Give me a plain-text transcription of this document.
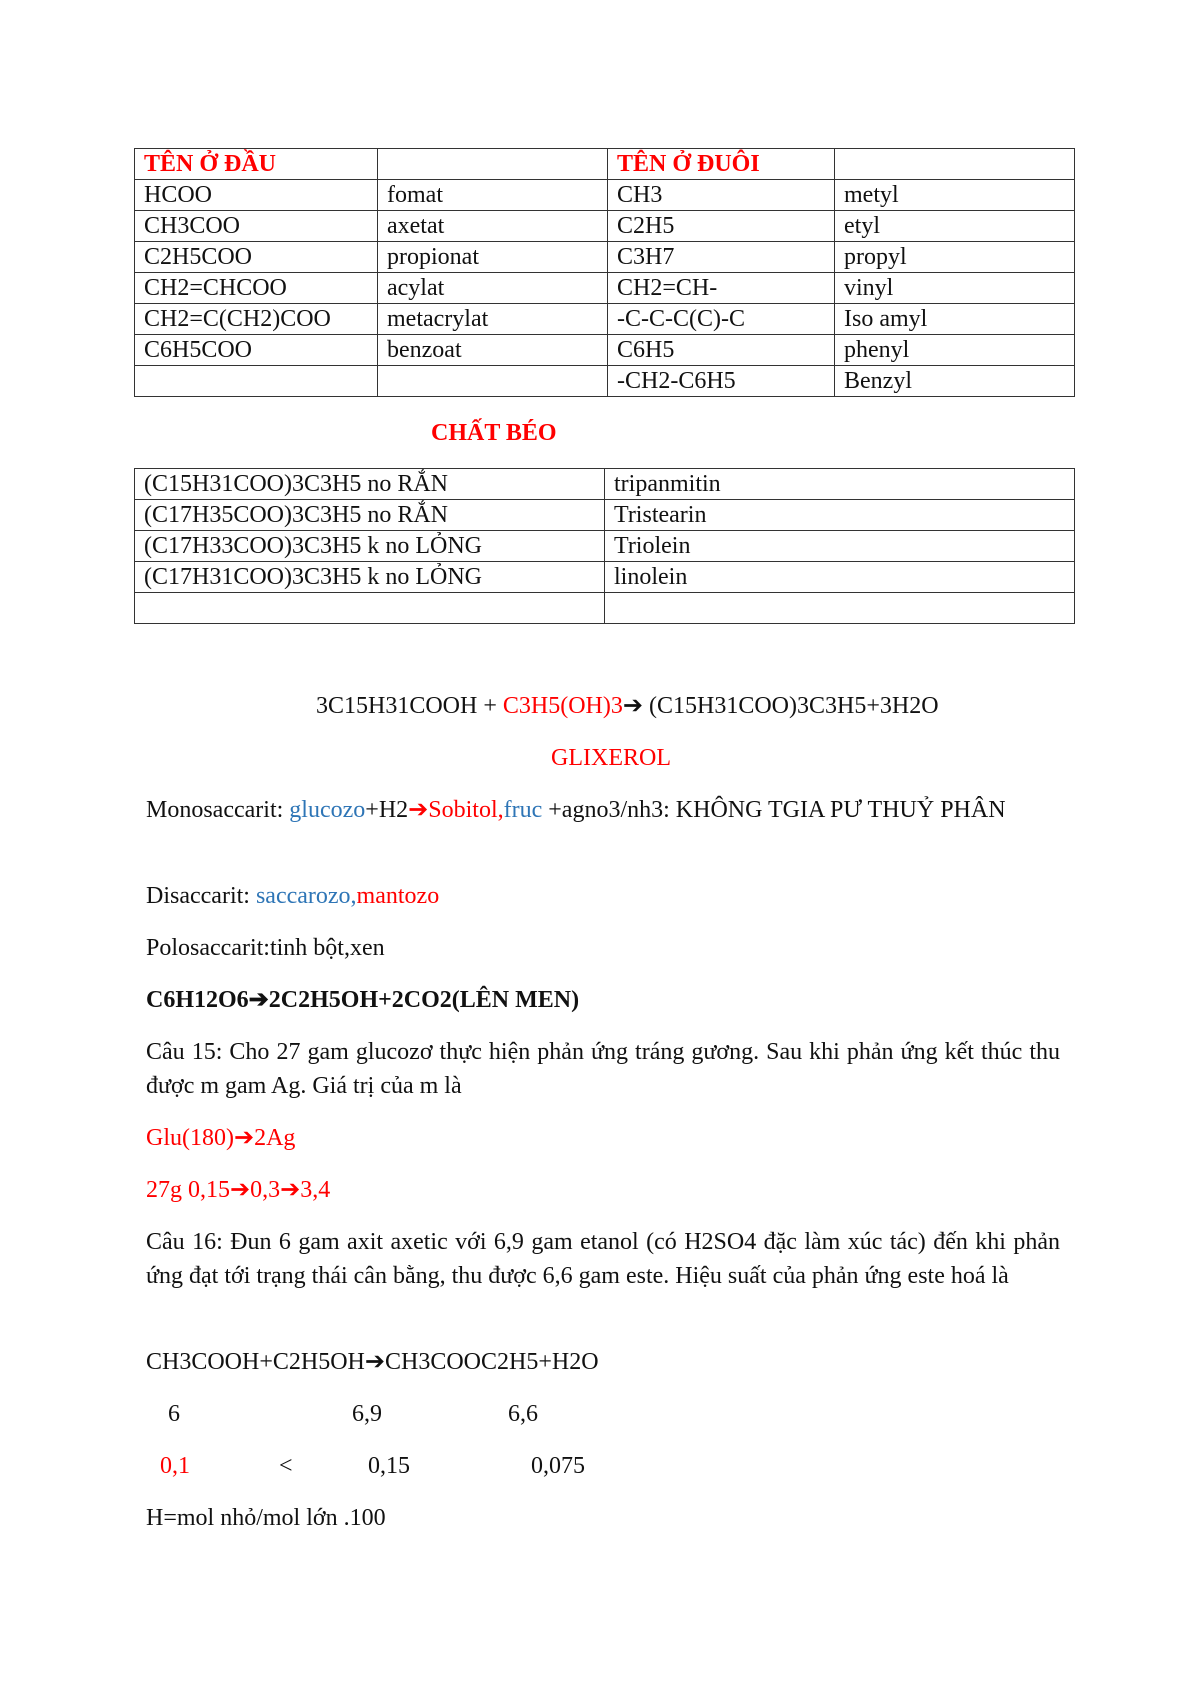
TÊN Ở ĐẦU		TÊN Ở ĐUÔI	
HCOO	fomat	CH3	metyl
CH3COO	axetat	C2H5	etyl
C2H5COO	propionat	C3H7	propyl
CH2=CHCOO	acylat	CH2=CH-	vinyl
CH2=C(CH2)COO	metacrylat	-C-C-C(C)-C	Iso amyl
C6H5COO	benzoat	C6H5	phenyl
		-CH2-C6H5	Benzyl
CHẤT BÉO
(C15H31COO)3C3H5 no RẮN	tripanmitin
(C17H35COO)3C3H5 no RẮN	Tristearin
(C17H33COO)3C3H5 k no LỎNG	Triolein
(C17H31COO)3C3H5 k no LỎNG	linolein

3C15H31COOH + C3H5(OH)3➔ (C15H31COO)3C3H5+3H2O
GLIXEROL
Monosaccarit: glucozo+H2➔Sobitol,fruc +agno3/nh3: KHÔNG TGIA PƯ THUỶ PHÂN
Disaccarit: saccarozo,mantozo
Polosaccarit:tinh bột,xen
C6H12O6➔2C2H5OH+2CO2(LÊN MEN)
Câu 15: Cho 27 gam glucozơ thực hiện phản ứng tráng gương. Sau khi phản ứng kết thúc thu được m gam Ag. Giá trị của m là
Glu(180)➔2Ag
27g 0,15➔0,3➔3,4
Câu 16: Đun 6 gam axit axetic với 6,9 gam etanol (có H2SO4 đặc làm xúc tác) đến khi phản ứng đạt tới trạng thái cân bằng, thu được 6,6 gam este. Hiệu suất của phản ứng este hoá là
CH3COOH+C2H5OH➔CH3COOC2H5+H2O
6	6,9	6,6
0,1	<	0,15	0,075
H=mol nhỏ/mol lớn .100
